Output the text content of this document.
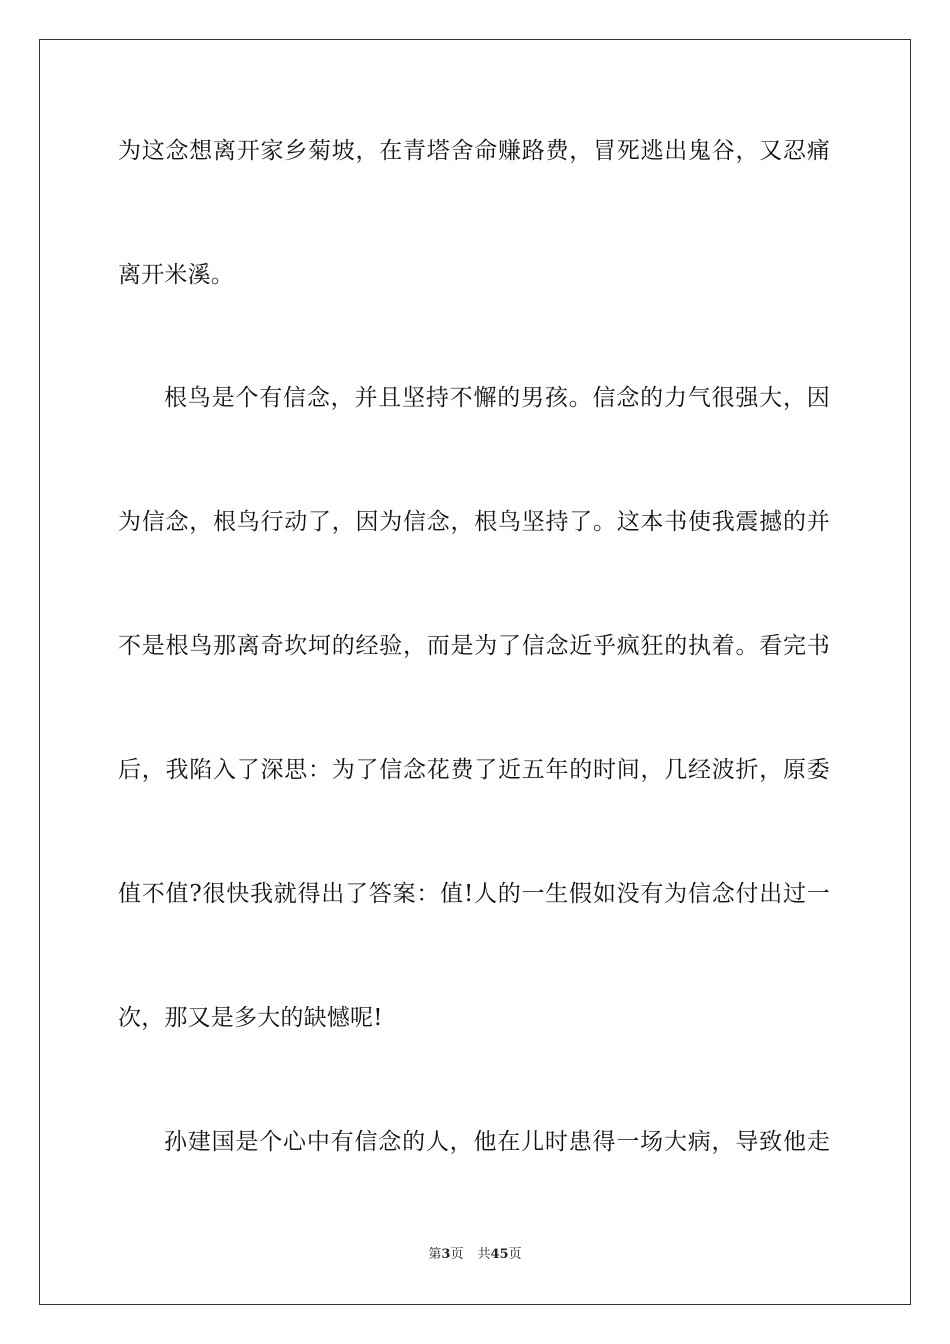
为这念想离开家乡菊坡，在青塔舍命赚路费，冒死逃出鬼谷，又忍痛
离开米溪。
根鸟是个有信念，并且坚持不懈的男孩。信念的力气很强大，因
为信念，根鸟行动了，因为信念，根鸟坚持了。这本书使我震撼的并
不是根鸟那离奇坎坷的经验，而是为了信念近乎疯狂的执着。看完书
后，我陷入了深思：为了信念花费了近五年的时间，几经波折，原委
值不值?很快我就得出了答案：值!人的一生假如没有为信念付出过一
次，那又是多大的缺憾呢!
孙建国是个心中有信念的人，他在儿时患得一场大病，导致他走
第3页 共45页
